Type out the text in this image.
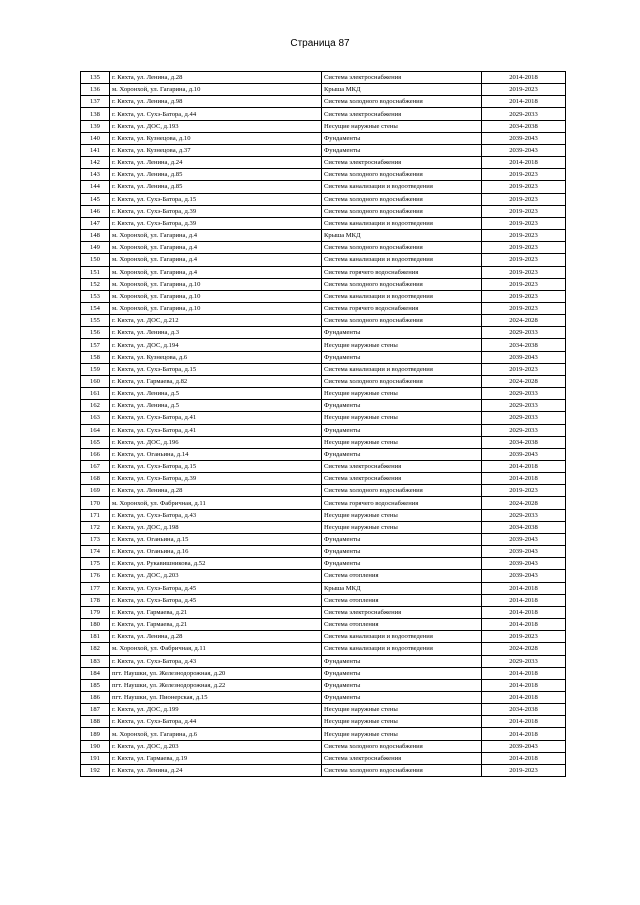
Страница 87
135	г. Кяхта, ул. Ленина, д.28	Система электроснабжения	2014-2018
136	м. Хоронхой, ул. Гагарина, д.10	Крыша МКД	2019-2023
137	г. Кяхта, ул. Ленина, д.98	Система холодного водоснабжения	2014-2018
138	г. Кяхта, ул. Сухэ-Батора, д.44	Система электроснабжения	2029-2033
139	г. Кяхта, ул. ДОС, д.193	Несущие наружные стены	2034-2038
140	г. Кяхта, ул. Кузнецова, д.10	Фундаменты	2039-2043
141	г. Кяхта, ул. Кузнецова, д.37	Фундаменты	2039-2043
142	г. Кяхта, ул. Ленина, д.24	Система электроснабжения	2014-2018
143	г. Кяхта, ул. Ленина, д.85	Система холодного водоснабжения	2019-2023
144	г. Кяхта, ул. Ленина, д.85	Система канализации и водоотведения	2019-2023
145	г. Кяхта, ул. Сухэ-Батора, д.15	Система холодного водоснабжения	2019-2023
146	г. Кяхта, ул. Сухэ-Батора, д.39	Система холодного водоснабжения	2019-2023
147	г. Кяхта, ул. Сухэ-Батора, д.39	Система канализации и водоотведения	2019-2023
148	м. Хоронхой, ул. Гагарина, д.4	Крыша МКД	2019-2023
149	м. Хоронхой, ул. Гагарина, д.4	Система холодного водоснабжения	2019-2023
150	м. Хоронхой, ул. Гагарина, д.4	Система канализации и водоотведения	2019-2023
151	м. Хоронхой, ул. Гагарина, д.4	Система горячего водоснабжения	2019-2023
152	м. Хоронхой, ул. Гагарина, д.10	Система холодного водоснабжения	2019-2023
153	м. Хоронхой, ул. Гагарина, д.10	Система канализации и водоотведения	2019-2023
154	м. Хоронхой, ул. Гагарина, д.10	Система горячего водоснабжения	2019-2023
155	г. Кяхта, ул. ДОС, д.212	Система холодного водоснабжения	2024-2028
156	г. Кяхта, ул. Ленина, д.3	Фундаменты	2029-2033
157	г. Кяхта, ул. ДОС, д.194	Несущие наружные стены	2034-2038
158	г. Кяхта, ул. Кузнецова, д.6	Фундаменты	2039-2043
159	г. Кяхта, ул. Сухэ-Батора, д.15	Система канализации и водоотведения	2019-2023
160	г. Кяхта, ул. Гармаева, д.82	Система холодного водоснабжения	2024-2028
161	г. Кяхта, ул. Ленина, д.5	Несущие наружные стены	2029-2033
162	г. Кяхта, ул. Ленина, д.5	Фундаменты	2029-2033
163	г. Кяхта, ул. Сухэ-Батора, д.41	Несущие наружные стены	2029-2033
164	г. Кяхта, ул. Сухэ-Батора, д.41	Фундаменты	2029-2033
165	г. Кяхта, ул. ДОС, д.196	Несущие наружные стены	2034-2038
166	г. Кяхта, ул. Оганьина, д.14	Фундаменты	2039-2043
167	г. Кяхта, ул. Сухэ-Батора, д.15	Система электроснабжения	2014-2018
168	г. Кяхта, ул. Сухэ-Батора, д.39	Система электроснабжения	2014-2018
169	г. Кяхта, ул. Ленина, д.28	Система холодного водоснабжения	2019-2023
170	м. Хоронхой, ул. Фабричная, д.11	Система горячего водоснабжения	2024-2028
171	г. Кяхта, ул. Сухэ-Батора, д.43	Несущие наружные стены	2029-2033
172	г. Кяхта, ул. ДОС, д.198	Несущие наружные стены	2034-2038
173	г. Кяхта, ул. Оганьина, д.15	Фундаменты	2039-2043
174	г. Кяхта, ул. Оганьина, д.16	Фундаменты	2039-2043
175	г. Кяхта, ул. Рукавишникова, д.52	Фундаменты	2039-2043
176	г. Кяхта, ул. ДОС, д.203	Система отопления	2039-2043
177	г. Кяхта, ул. Сухэ-Батора, д.45	Крыша МКД	2014-2018
178	г. Кяхта, ул. Сухэ-Батора, д.45	Система отопления	2014-2018
179	г. Кяхта, ул. Гармаева, д.21	Система электроснабжения	2014-2018
180	г. Кяхта, ул. Гармаева, д.21	Система отопления	2014-2018
181	г. Кяхта, ул. Ленина, д.28	Система канализации и водоотведения	2019-2023
182	м. Хоронхой, ул. Фабричная, д.11	Система канализации и водоотведения	2024-2028
183	г. Кяхта, ул. Сухэ-Батора, д.43	Фундаменты	2029-2033
184	пгт. Наушки, ул. Железнодорожная, д.20	Фундаменты	2014-2018
185	пгт. Наушки, ул. Железнодорожная, д.22	Фундаменты	2014-2018
186	пгт. Наушки, ул. Пионерская, д.15	Фундаменты	2014-2018
187	г. Кяхта, ул. ДОС, д.199	Несущие наружные стены	2034-2038
188	г. Кяхта, ул. Сухэ-Батора, д.44	Несущие наружные стены	2014-2018
189	м. Хоронхой, ул. Гагарина, д.6	Несущие наружные стены	2014-2018
190	г. Кяхта, ул. ДОС, д.203	Система холодного водоснабжения	2039-2043
191	г. Кяхта, ул. Гармаева, д.19	Система электроснабжения	2014-2018
192	г. Кяхта, ул. Ленина, д.24	Система холодного водоснабжения	2019-2023
